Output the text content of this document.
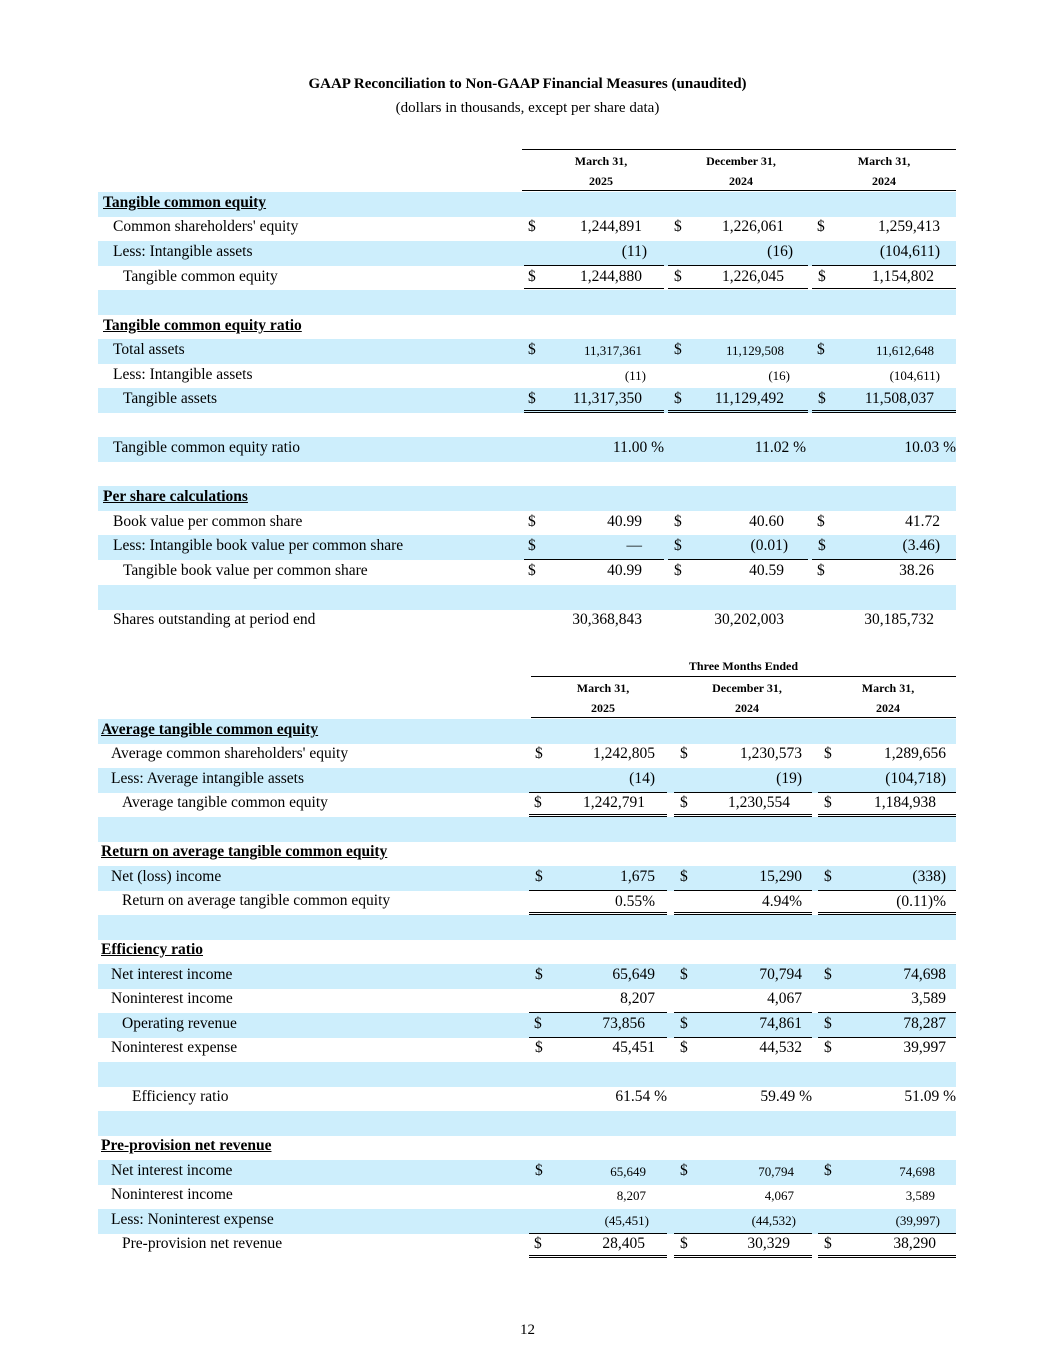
GAAP Reconciliation to Non-GAAP Financial Measures (unaudited)
(dollars in thousands, except per share data)
March 31,
2025
December 31,
2024
March 31,
2024
Tangible common equity
Common shareholders' equity	$	1,244,891 $	1,226,061 $	1,259,413
Less: Intangible assets	(11)	(16)	(104,611)
Tangible common equity	$	1,244,880 $	1,226,045 $	1,154,802
Tangible common equity ratio
Total assets	$	11,317,361 $	11,129,508 $	11,612,648
Less: Intangible assets	(11)	(16)	(104,611)
Tangible assets	$ 11,317,350 $ 11,129,492 $	11,508,037
Tangible common equity ratio	11.00 %	11.02 %	10.03 %
Per share calculations
Book value per common share	$	40.99 $	40.60 $	41.72
Less: Intangible book value per common share	$	— $	(0.01) $	(3.46)
Tangible book value per common share	$	40.99 $	40.59 $	38.26
Shares outstanding at period end	30,368,843	30,202,003	30,185,732
Three Months Ended
March 31,
2025
December 31,
2024
March 31,
2024
Average tangible common equity
Average common shareholders' equity	$	1,242,805 $	1,230,573 $	1,289,656
Less: Average intangible assets	(14)	(19)	(104,718)
Average tangible common equity	$	1,242,791 $	1,230,554 $	1,184,938
Return on average tangible common equity
Net (loss) income	$	1,675 $	15,290 $	(338)
Return on average tangible common equity	0.55%	4.94%	(0.11)%
Efficiency ratio
Net interest income	$	65,649 $	70,794 $	74,698
Noninterest income	8,207	4,067	3,589
Operating revenue	$	73,856 $	74,861 $	78,287
Noninterest expense	$	45,451 $	44,532 $	39,997
Efficiency ratio	61.54 %	59.49 %	51.09 %
Pre-provision net revenue
Net interest income	$	65,649 $	70,794 $	74,698
Noninterest income	8,207	4,067	3,589
Less: Noninterest expense	(45,451)	(44,532)	(39,997)
Pre-provision net revenue	$	28,405 $	30,329 $	38,290
12
